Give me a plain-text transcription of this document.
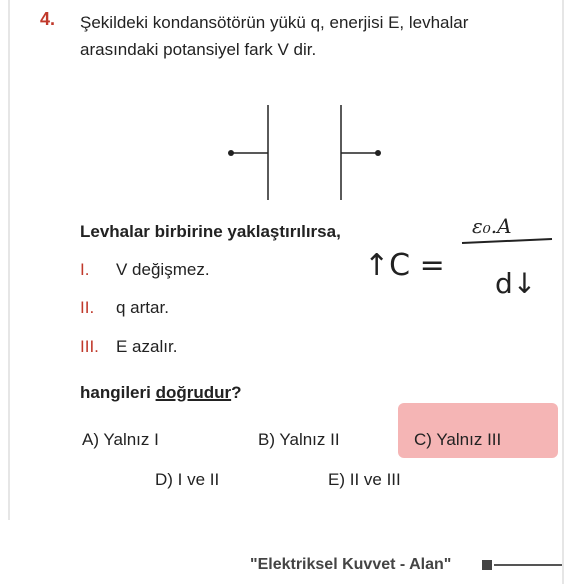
4. Şekildeki kondansötörün yükü q, enerjisi E, levhalar arasındaki potansiyel fark V dir.
Levhalar birbirine yaklaştırılırsa,
I. V değişmez.
II. q artar.
III. E azalır.
hangileri doğrudur?
A) Yalnız I	B) Yalnız II	C) Yalnız III
D) I ve II	E) II ve III
↑C =
ε₀.A
d↓
"Elektriksel Kuvvet - Alan"
